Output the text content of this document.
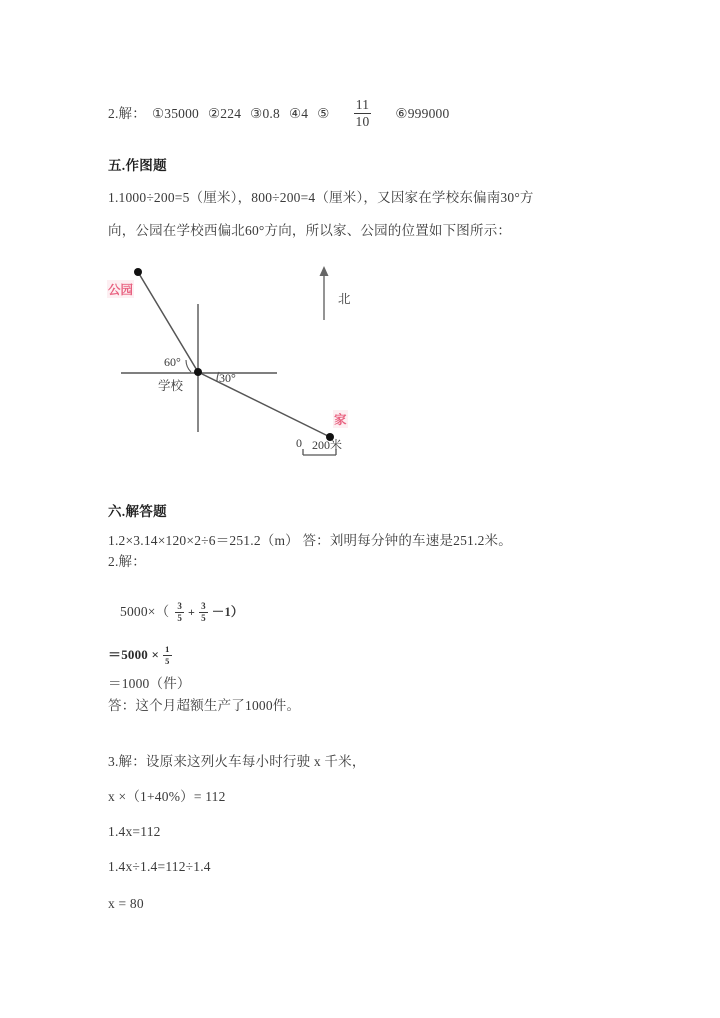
2.解： ①35000 ②224 ③0.8 ④4 ⑤ $\frac{11}{10}$ ⑥999000
五.作图题
1.1000÷200=5（厘米），800÷200=4（厘米），又因家在学校东偏南30°方
向，公园在学校西偏北60°方向，所以家、公园的位置如下图所示：
公园
学校
家
北
60°
30°
0 200米
六.解答题
1.2×3.14×120×2÷6＝251.2（m） 答：刘明每分钟的车速是251.2米。
2.解：
$5000\times( \frac{3}{5} + \frac{3}{5} -1)$
$=5000 \times \frac{1}{5}$
＝1000（件）
答：这个月超额生产了1000件。
3.解：设原来这列火车每小时行驶 x 千米，
x ×（1+40%）= 112
1.4x=112
1.4x÷1.4=112÷1.4
x = 80
